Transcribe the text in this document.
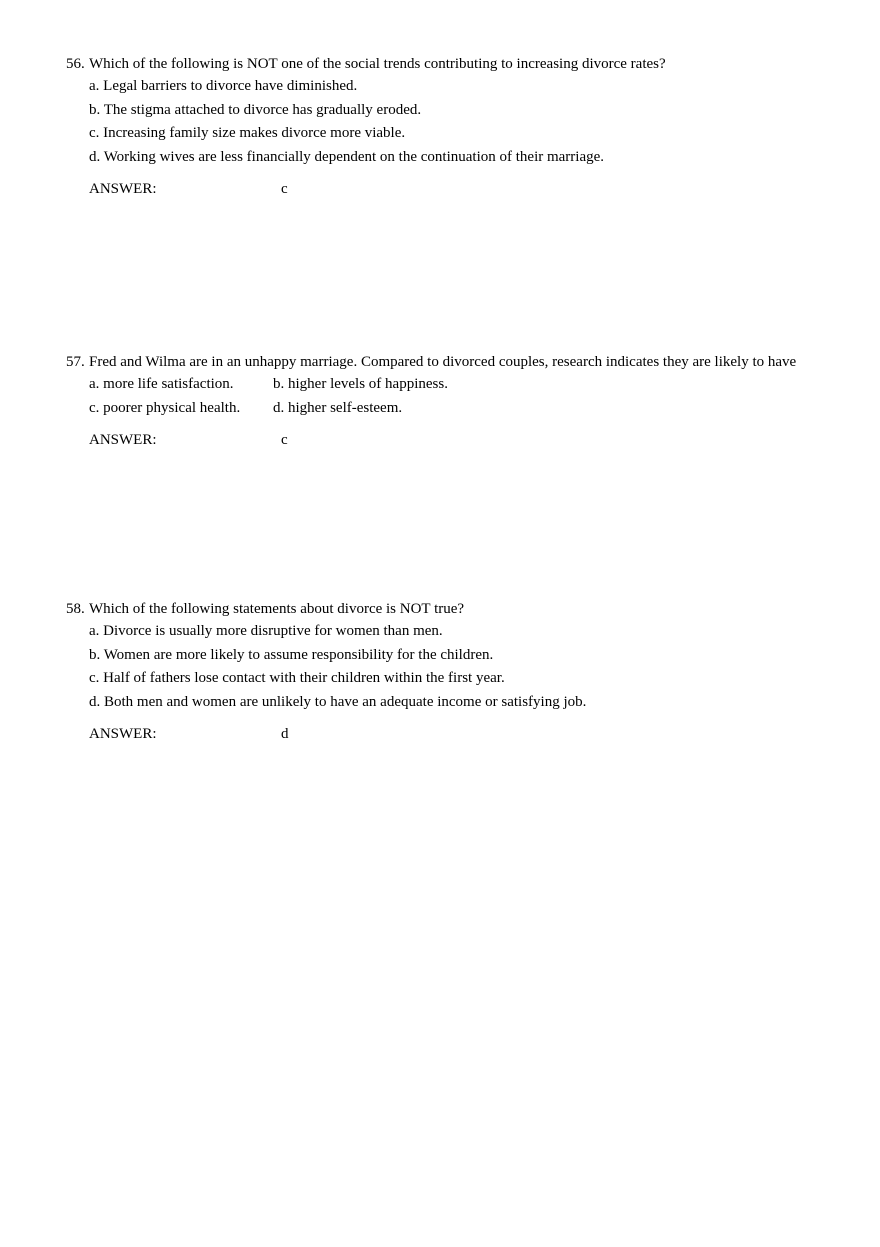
56. Which of the following is NOT one of the social trends contributing to increasing divorce rates?

a. Legal barriers to divorce have diminished.
b. The stigma attached to divorce has gradually eroded.
c. Increasing family size makes divorce more viable.
d. Working wives are less financially dependent on the continuation of their marriage.
ANSWER:	c

57. Fred and Wilma are in an unhappy marriage. Compared to divorced couples, research indicates they are likely to have

a. more life satisfaction.	b. higher levels of happiness.
c. poorer physical health.	d. higher self-esteem.
ANSWER:	c

58. Which of the following statements about divorce is NOT true?

a. Divorce is usually more disruptive for women than men.
b. Women are more likely to assume responsibility for the children.
c. Half of fathers lose contact with their children within the first year.
d. Both men and women are unlikely to have an adequate income or satisfying job.
ANSWER:	d
